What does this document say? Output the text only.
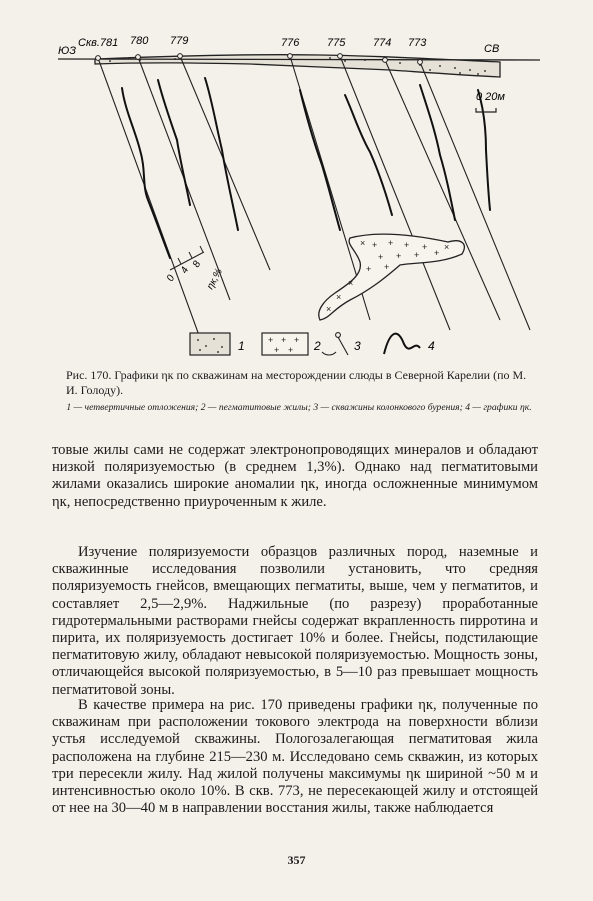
+ + + +
+ + + +
+ +
×
×
×
×	×
ЮЗ	СВ
Скв.781 780 779	776	775	774 773
0 20м
0
4
8
ηк,%
1	+ + +
+ + 2	3	4
Рис. 170. Графики ηк по скважинам на месторождении слюды в Северной Карелии (по М. И. Голоду).
1 — четвертичные отложения; 2 — пегматитовые жилы; 3 — скважины колонкового бурения; 4 — графики ηк.

товые жилы сами не содержат электронопроводящих минералов и обладают низкой поляризуемостью (в среднем 1,3%). Однако над пегматитовыми жилами оказались широкие аномалии ηк, иногда осложненные минимумом ηк, непосредственно приуроченным к жиле.

Изучение поляризуемости образцов различных пород, наземные и скважинные исследования позволили установить, что средняя поляризуемость гнейсов, вмещающих пегматиты, выше, чем у пегматитов, и составляет 2,5—2,9%. Наджильные (по разрезу) проработанные гидротермальными растворами гнейсы содержат вкрапленность пирротина и пирита, их поляризуемость достигает 10% и более. Гнейсы, подстилающие пегматитовую жилу, обладают невысокой поляризуемостью. Мощность зоны, отличающейся высокой поляризуемостью, в 5—10 раз превышает мощность пегматитовой зоны.

В качестве примера на рис. 170 приведены графики ηк, полученные по скважинам при расположении токового электрода на поверхности вблизи устья исследуемой скважины. Пологозалегающая пегматитовая жила расположена на глубине 215—230 м. Исследовано семь скважин, из которых три пересекли жилу. Над жилой получены максимумы ηк шириной ~50 м и интенсивностью около 10%. В скв. 773, не пересекающей жилу и отстоящей от нее на 30—40 м в направлении восстания жилы, также наблюдается

357
